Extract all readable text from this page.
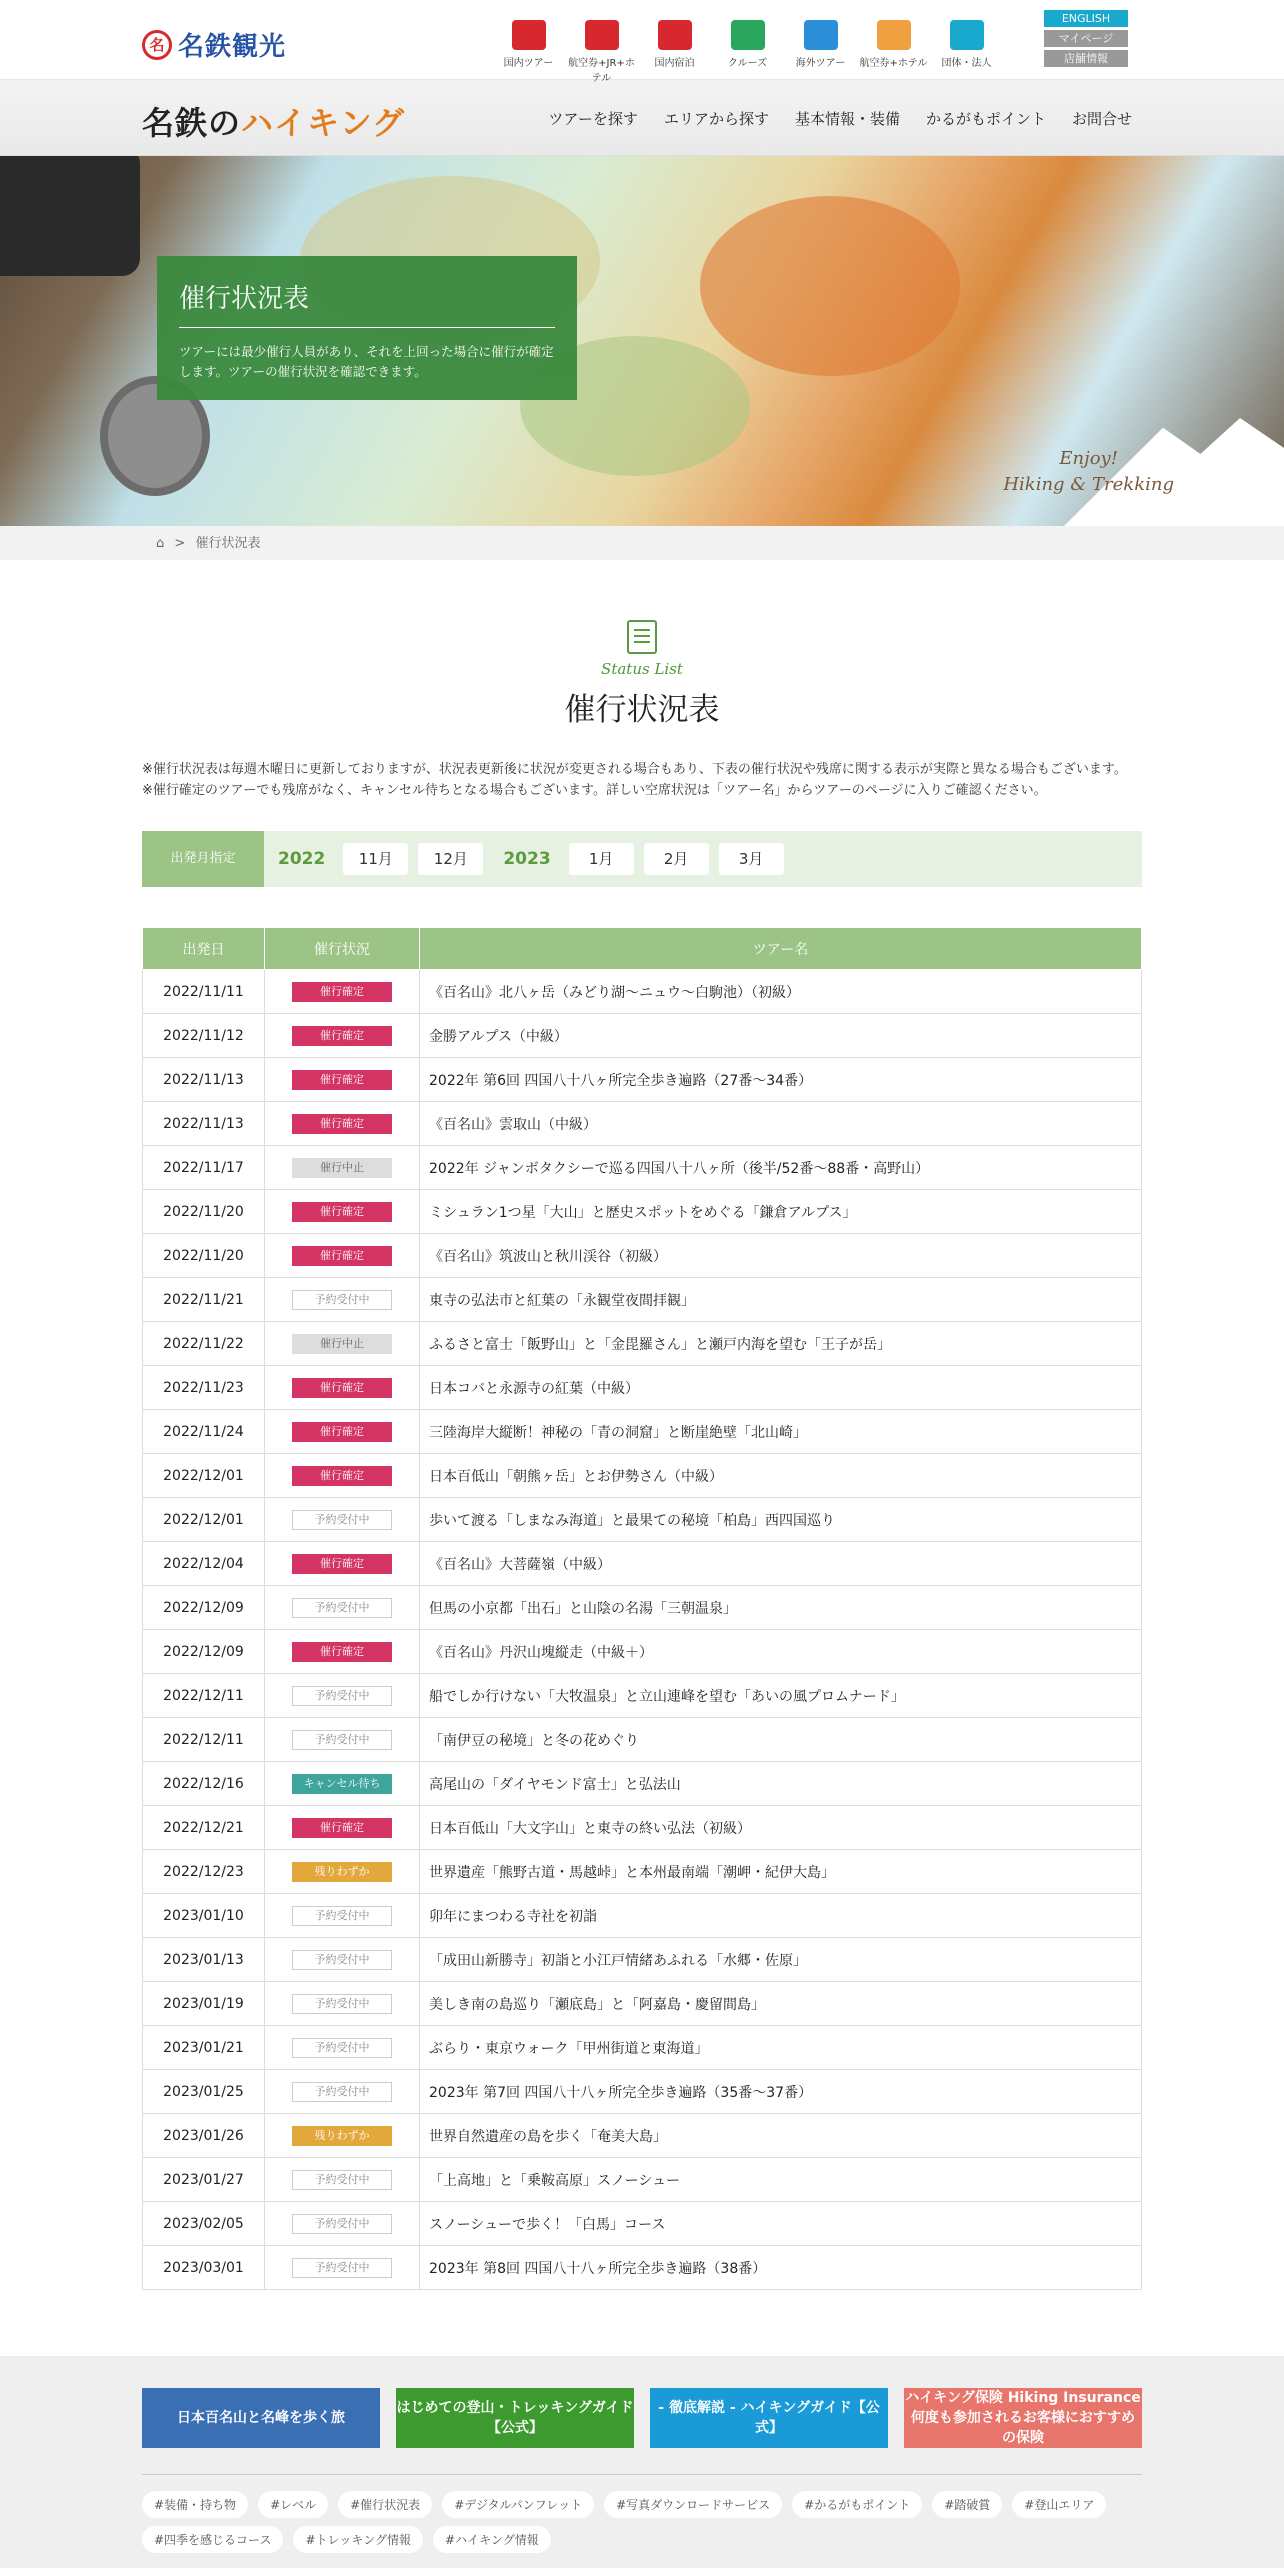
名 名鉄観光
国内ツアー	航空券+JR+ホテル
国内宿泊	クルーズ	海外ツアー	航空券+ホテル	団体・法人
ENGLISH
マイページ
店舗情報
名鉄のハイキング	ツアーを探す エリアから探す 基本情報・装備 かるがもポイント お問合せ
催行状況表

ツアーには最少催行人員があり、それを上回った場合に催行が確定します。ツアーの催行状況を確認できます。

Enjoy!
Hiking & Trekking
⌂ > 催行状況表
Status List
催行状況表

※催行状況表は毎週木曜日に更新しておりますが、状況表更新後に状況が変更される場合もあり、下表の催行状況や残席に関する表示が実際と異なる場合もございます。

※催行確定のツアーでも残席がなく、キャンセル待ちとなる場合もございます。詳しい空席状況は「ツアー名」からツアーのページに入りご確認ください。

出発月指定	2022	11月	12月	2023	1月	2月	3月
出発日	催行状況	ツアー名
2022/11/11	催行確定	《百名山》北八ヶ岳（みどり湖～ニュウ～白駒池）（初級）
2022/11/12	催行確定	金勝アルプス（中級）
2022/11/13	催行確定	2022年 第6回 四国八十八ヶ所完全歩き遍路（27番～34番）
2022/11/13	催行確定	《百名山》雲取山（中級）
2022/11/17	催行中止	2022年 ジャンボタクシーで巡る四国八十八ヶ所（後半/52番～88番・高野山）
2022/11/20	催行確定	ミシュラン1つ星「大山」と歴史スポットをめぐる「鎌倉アルプス」
2022/11/20	催行確定	《百名山》筑波山と秋川渓谷（初級）
2022/11/21	予約受付中	東寺の弘法市と紅葉の「永観堂夜間拝観」
2022/11/22	催行中止	ふるさと富士「飯野山」と「金毘羅さん」と瀬戸内海を望む「王子が岳」
2022/11/23	催行確定	日本コバと永源寺の紅葉（中級）
2022/11/24	催行確定	三陸海岸大縦断！神秘の「青の洞窟」と断崖絶壁「北山崎」
2022/12/01	催行確定	日本百低山「朝熊ヶ岳」とお伊勢さん（中級）
2022/12/01	予約受付中	歩いて渡る「しまなみ海道」と最果ての秘境「柏島」西四国巡り
2022/12/04	催行確定	《百名山》大菩薩嶺（中級）
2022/12/09	予約受付中	但馬の小京都「出石」と山陰の名湯「三朝温泉」
2022/12/09	催行確定	《百名山》丹沢山塊縦走（中級＋）
2022/12/11	予約受付中	船でしか行けない「大牧温泉」と立山連峰を望む「あいの風プロムナード」
2022/12/11	予約受付中	「南伊豆の秘境」と冬の花めぐり
2022/12/16	キャンセル待ち	高尾山の「ダイヤモンド富士」と弘法山
2022/12/21	催行確定	日本百低山「大文字山」と東寺の終い弘法（初級）
2022/12/23	残りわずか	世界遺産「熊野古道・馬越峠」と本州最南端「潮岬・紀伊大島」
2023/01/10	予約受付中	卯年にまつわる寺社を初詣
2023/01/13	予約受付中	「成田山新勝寺」初詣と小江戸情緒あふれる「水郷・佐原」
2023/01/19	予約受付中	美しき南の島巡り「瀬底島」と「阿嘉島・慶留間島」
2023/01/21	予約受付中	ぶらり・東京ウォーク「甲州街道と東海道」
2023/01/25	予約受付中	2023年 第7回 四国八十八ヶ所完全歩き遍路（35番～37番）
2023/01/26	残りわずか	世界自然遺産の島を歩く「奄美大島」
2023/01/27	予約受付中	「上高地」と「乗鞍高原」スノーシュー
2023/02/05	予約受付中	スノーシューで歩く！「白馬」コース
2023/03/01	予約受付中	2023年 第8回 四国八十八ヶ所完全歩き遍路（38番）
日本百名山と名峰を歩く旅
はじめての登山・トレッキングガイド【公式】
- 徹底解説 - ハイキングガイド【公式】
ハイキング保険 Hiking Insurance 何度も参加されるお客様におすすめの保険
#装備・持ち物	#レベル	#催行状況表	#デジタルパンフレット	#写真ダウンロードサービス	#かるがもポイント	#踏破賞	#登山エリア
#四季を感じるコース	#トレッキング情報	#ハイキング情報
